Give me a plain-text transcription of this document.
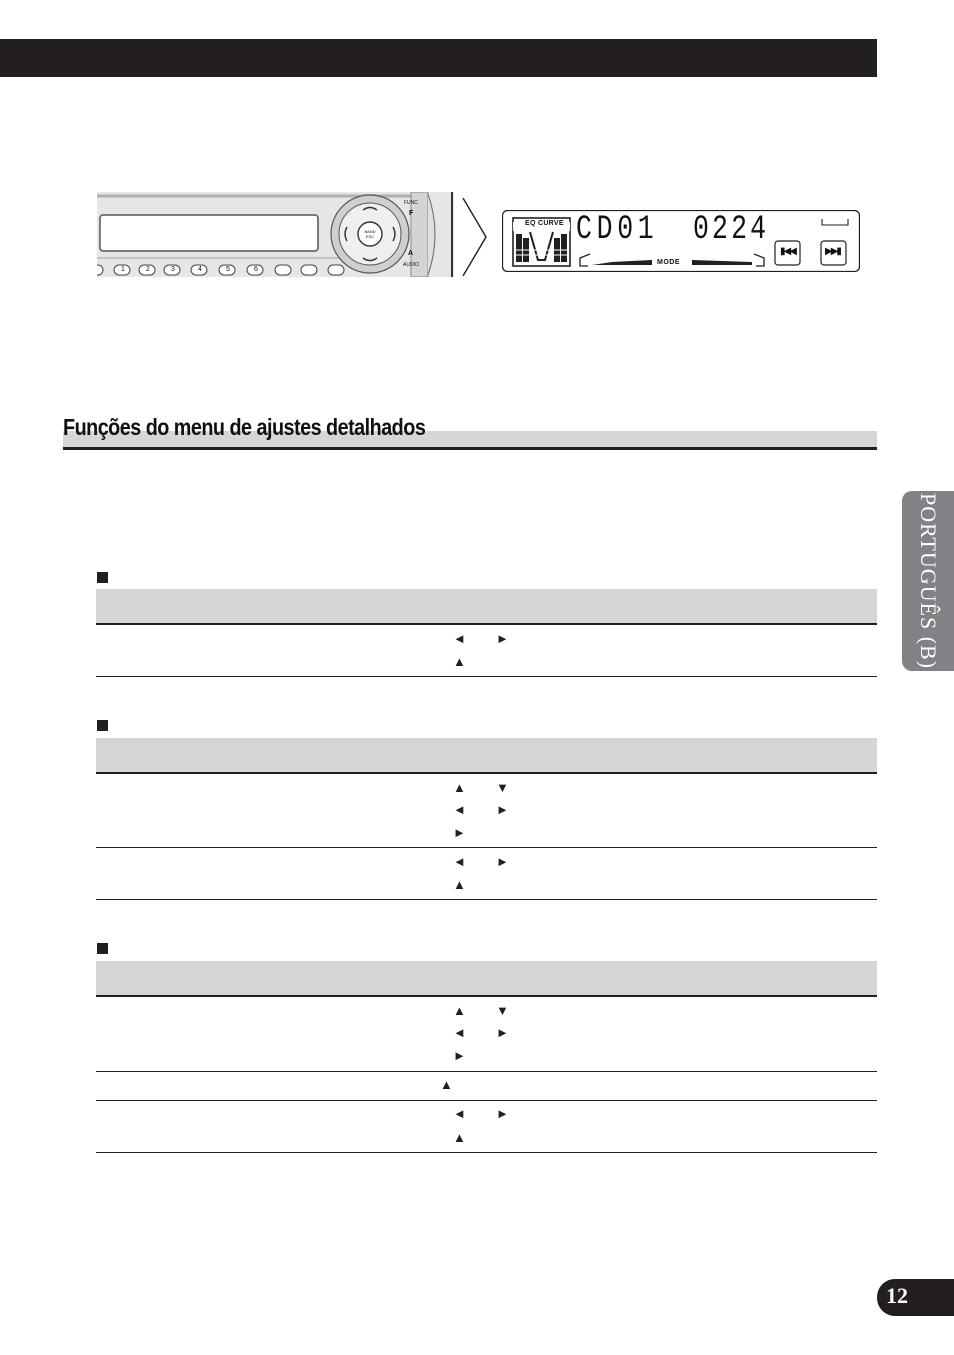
1	2	3	4	5	6
FUNC
F
A
AUDIO
BAND ESC
EQ CURVE CD01 0224
MODE
▮◀◀	▶▶▮
Funções do menu de ajustes detalhados
PORTUGUÊS (B)
◄ ►
▲
▲ ▼
◄ ►
►
◄ ►
▲
▲ ▼
◄ ►
►
▲
◄ ►
▲
12
